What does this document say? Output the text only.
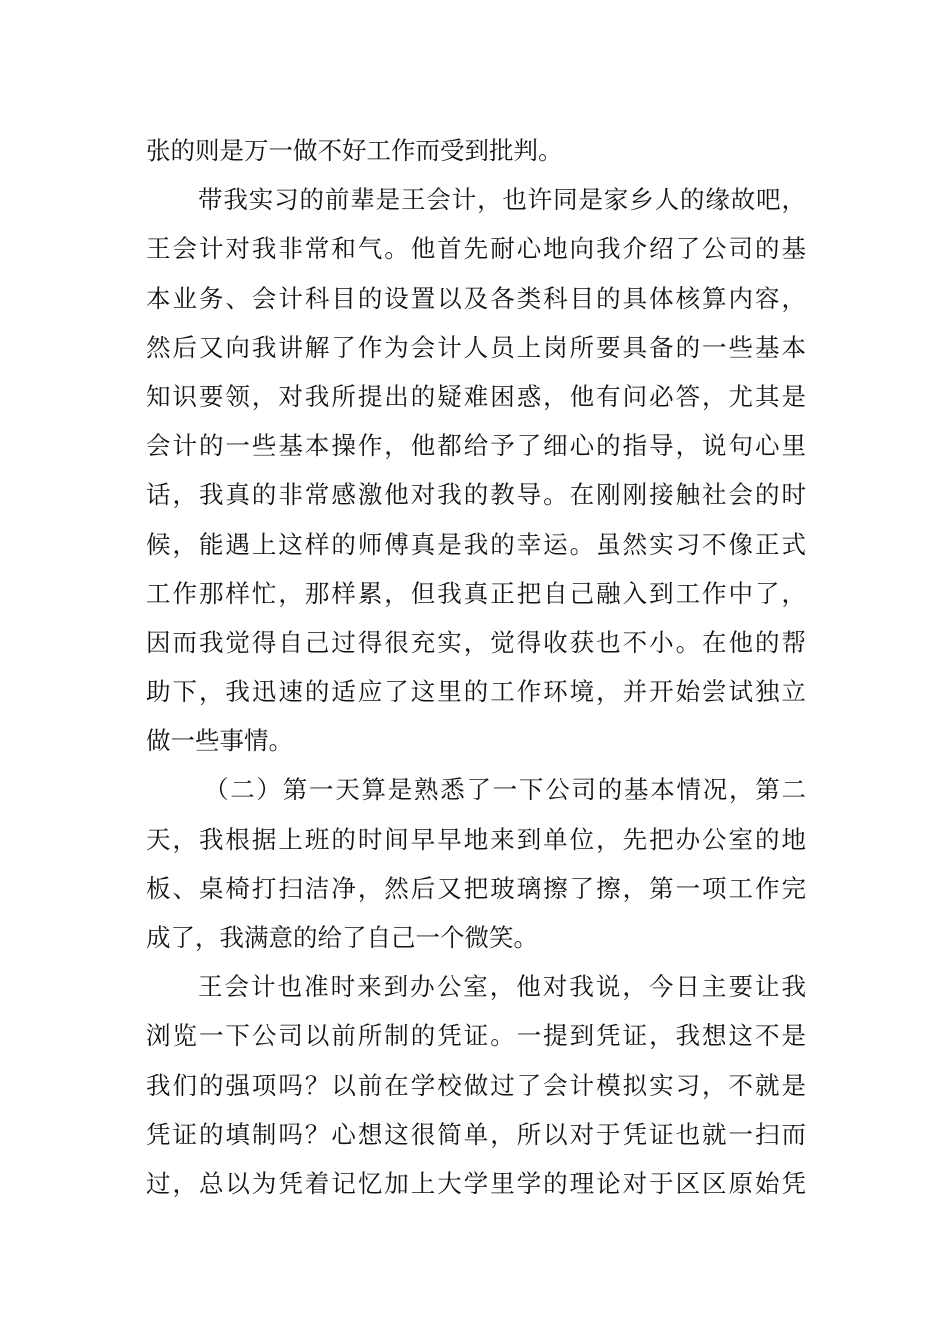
张的则是万一做不好工作而受到批判。
带我实习的前辈是王会计，也许同是家乡人的缘故吧，
王会计对我非常和气。他首先耐心地向我介绍了公司的基
本业务、会计科目的设置以及各类科目的具体核算内容，
然后又向我讲解了作为会计人员上岗所要具备的一些基本
知识要领，对我所提出的疑难困惑，他有问必答，尤其是
会计的一些基本操作，他都给予了细心的指导，说句心里
话，我真的非常感激他对我的教导。在刚刚接触社会的时
候，能遇上这样的师傅真是我的幸运。虽然实习不像正式
工作那样忙，那样累，但我真正把自己融入到工作中了，
因而我觉得自己过得很充实，觉得收获也不小。在他的帮
助下，我迅速的适应了这里的工作环境，并开始尝试独立
做一些事情。
（二）第一天算是熟悉了一下公司的基本情况，第二
天，我根据上班的时间早早地来到单位，先把办公室的地
板、桌椅打扫洁净，然后又把玻璃擦了擦，第一项工作完
成了，我满意的给了自己一个微笑。
王会计也准时来到办公室，他对我说，今日主要让我
浏览一下公司以前所制的凭证。一提到凭证，我想这不是
我们的强项吗？以前在学校做过了会计模拟实习，不就是
凭证的填制吗？心想这很简单，所以对于凭证也就一扫而
过，总以为凭着记忆加上大学里学的理论对于区区原始凭
